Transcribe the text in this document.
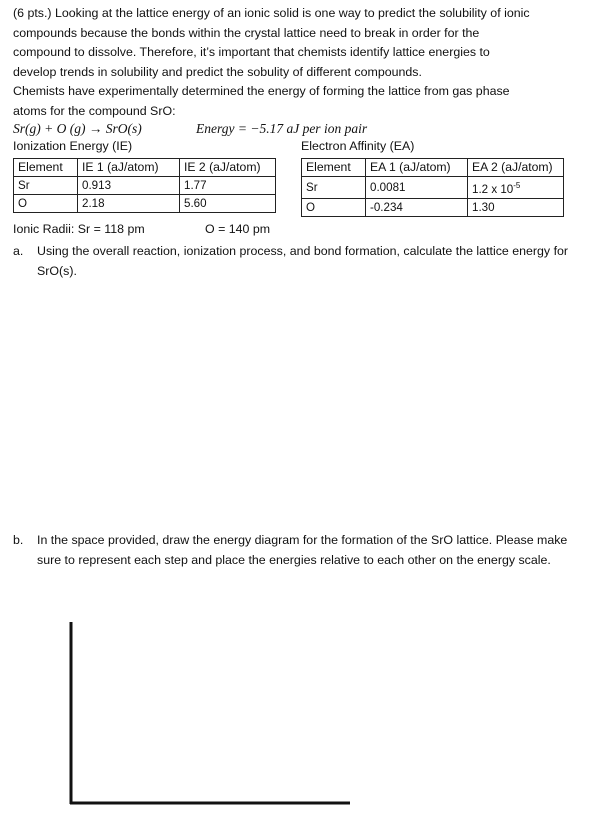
(6 pts.) Looking at the lattice energy of an ionic solid is one way to predict the solubility of ionic

compounds because the bonds within the crystal lattice need to break in order for the

compound to dissolve. Therefore, it’s important that chemists identify lattice energies to

develop trends in solubility and predict the sobulity of different compounds.

Chemists have experimentally determined the energy of forming the lattice from gas phase

atoms for the compound SrO:

Sr(g) + O (g) → SrO(s)	Energy = −5.17 aJ per ion pair
Ionization Energy (IE)	Electron Affinity (EA)
Element	IE 1 (aJ/atom)	IE 2 (aJ/atom)
Sr	0.913	1.77
O	2.18	5.60
Element	EA 1 (aJ/atom)	EA 2 (aJ/atom)
Sr	0.0081	1.2 x $10^{-5}$
O	-0.234	1.30
Ionic Radii: Sr = 118 pm	O = 140 pm
a. Using the overall reaction, ionization process, and bond formation, calculate the lattice energy for SrO(s).
b. In the space provided, draw the energy diagram for the formation of the SrO lattice. Please make sure to represent each step and place the energies relative to each other on the energy scale.
